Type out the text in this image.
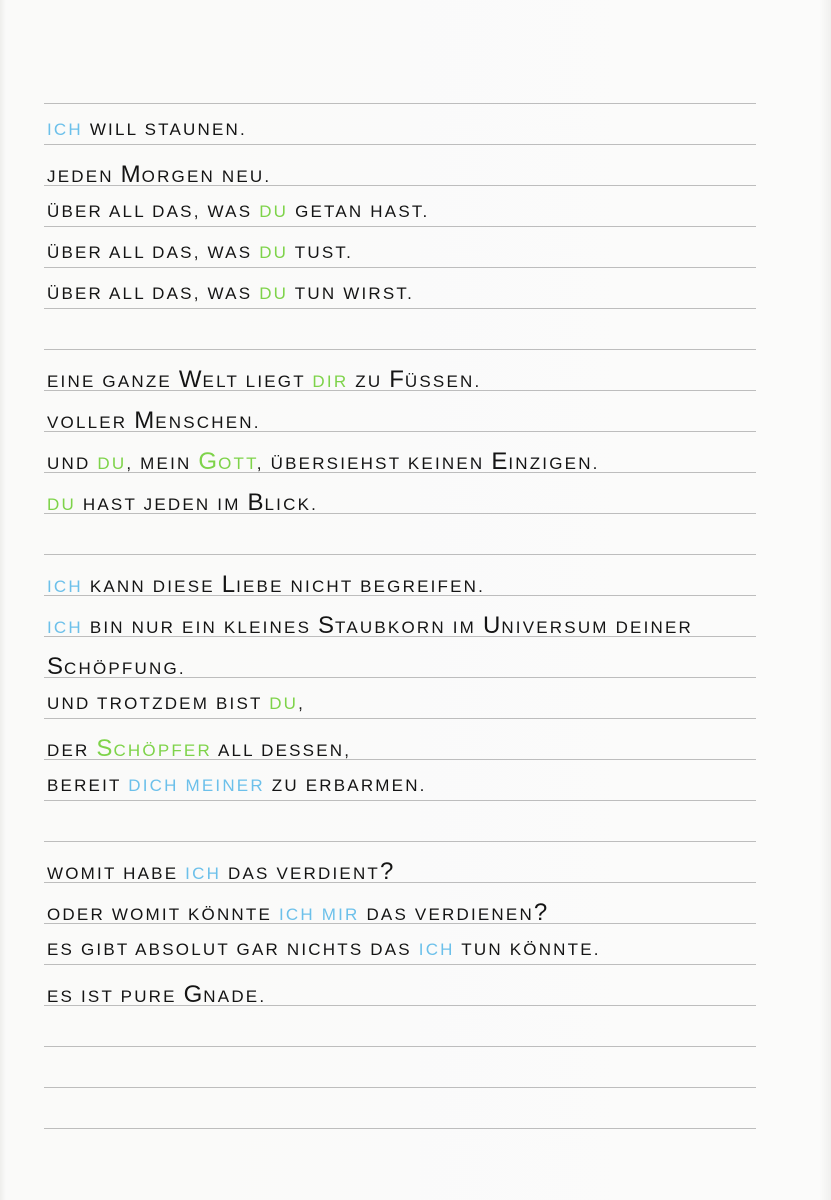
ICH WILL STAUNEN.
JEDEN MORGEN NEU.
ÜBER ALL DAS, WAS DU GETAN HAST.
ÜBER ALL DAS, WAS DU TUST.
ÜBER ALL DAS, WAS DU TUN WIRST.
EINE GANZE WELT LIEGT DIR ZU FÜSSEN.
VOLLER MENSCHEN.
UND DU, MEIN GOTT, ÜBERSIEHST KEINEN EINZIGEN.
DU HAST JEDEN IM BLICK.
ICH KANN DIESE LIEBE NICHT BEGREIFEN.
ICH BIN NUR EIN KLEINES STAUBKORN IM UNIVERSUM DEINER
SCHÖPFUNG.
UND TROTZDEM BIST DU,
DER SCHÖPFER ALL DESSEN,
BEREIT DICH MEINER ZU ERBARMEN.
WOMIT HABE ICH DAS VERDIENT?
ODER WOMIT KÖNNTE ICH MIR DAS VERDIENEN?
ES GIBT ABSOLUT GAR NICHTS DAS ICH TUN KÖNNTE.
ES IST PURE GNADE.
